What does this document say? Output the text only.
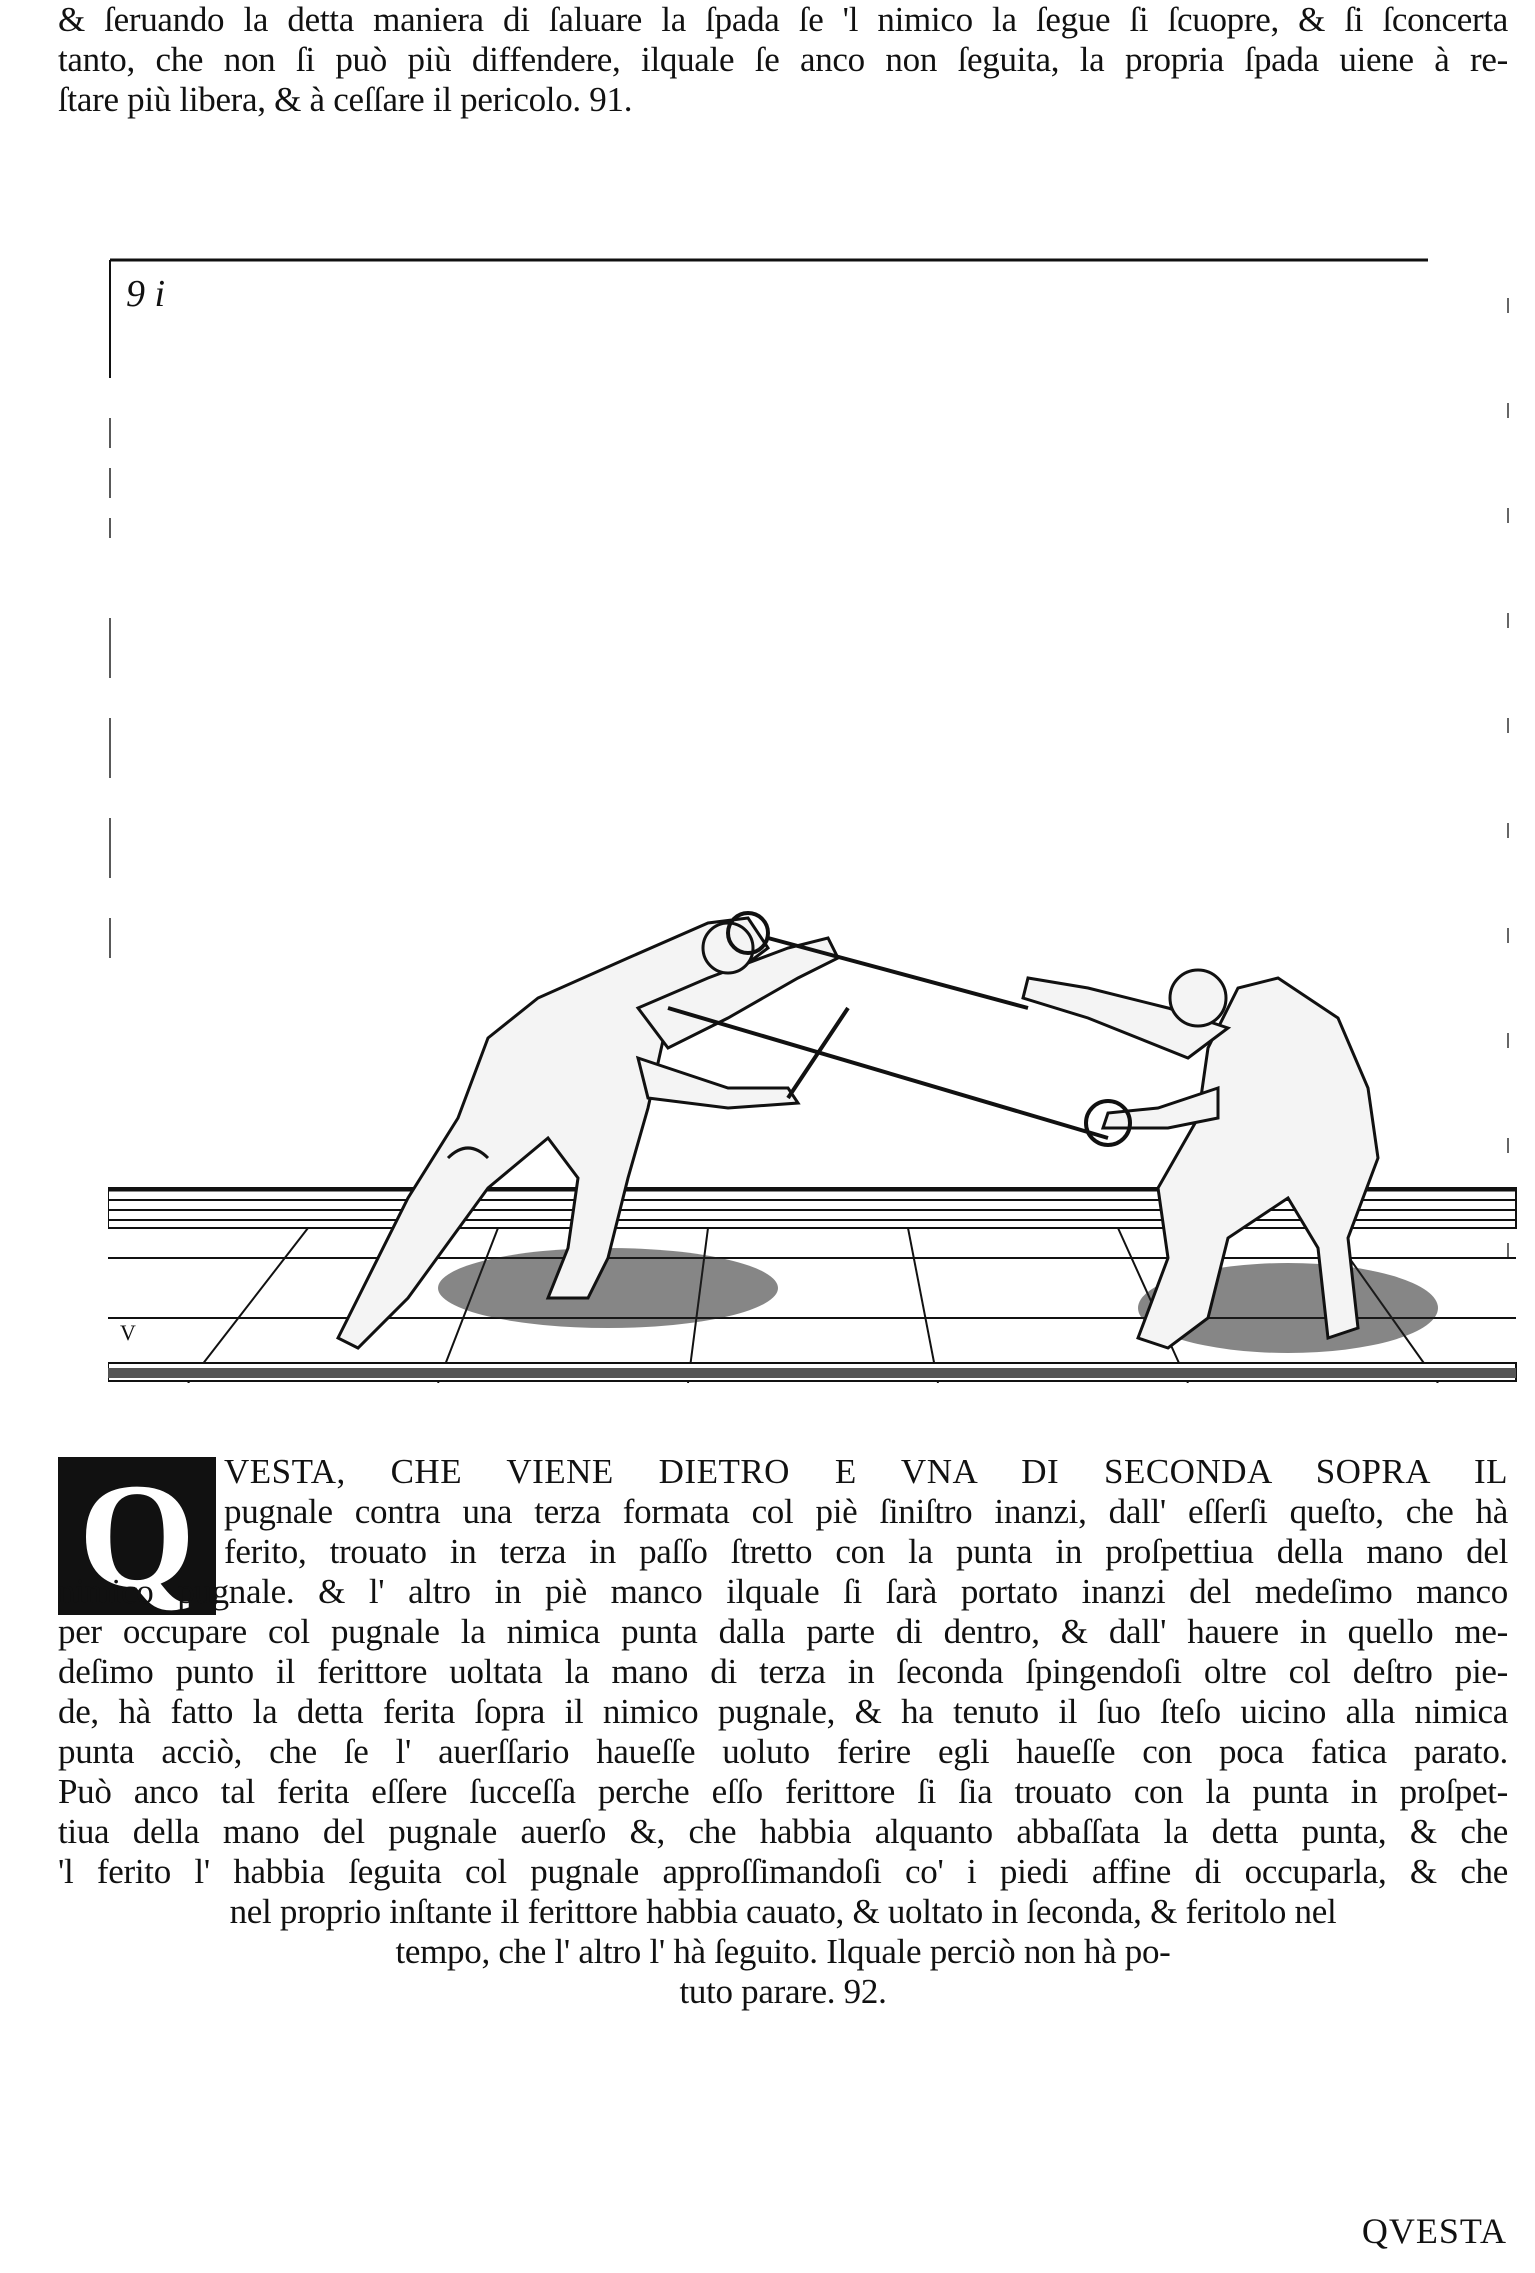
& ſeruando la detta maniera di ſaluare la ſpada ſe 'l nimico la ſegue ſi ſcuopre, & ſi ſconcerta
tanto, che non ſi può più diffendere, ilquale ſe anco non ſeguita, la propria ſpada uiene à re-
ſtare più libera, & à ceſſare il pericolo. 91.
9 i
V
Q VESTA, CHE VIENE DIETRO E VNA DI SECONDA SOPRA IL
pugnale contra una terza formata col piè ſiniſtro inanzi, dall' eſſerſi queſto, che hà
ferito, trouato in terza in paſſo ſtretto con la punta in proſpettiua della mano del
nimico pugnale. & l' altro in piè manco ilquale ſi ſarà portato inanzi del medeſimo manco
per occupare col pugnale la nimica punta dalla parte di dentro, & dall' hauere in quello me-
deſimo punto il ferittore uoltata la mano di terza in ſeconda ſpingendoſi oltre col deſtro pie-
de, hà fatto la detta ferita ſopra il nimico pugnale, & ha tenuto il ſuo ſteſo uicino alla nimica
punta acciò, che ſe l' auerſſario haueſſe uoluto ferire egli haueſſe con poca fatica parato.
Può anco tal ferita eſſere ſucceſſa perche eſſo ferittore ſi ſia trouato con la punta in proſpet-
tiua della mano del pugnale auerſo &, che habbia alquanto abbaſſata la detta punta, & che
'l ferito l' habbia ſeguita col pugnale approſſimandoſi co' i piedi affine di occuparla, & che
nel proprio inſtante il ferittore habbia cauato, & uoltato in ſeconda, & feritolo nel
tempo, che l' altro l' hà ſeguito. Ilquale perciò non hà po-
tuto parare. 92.
QVESTA
